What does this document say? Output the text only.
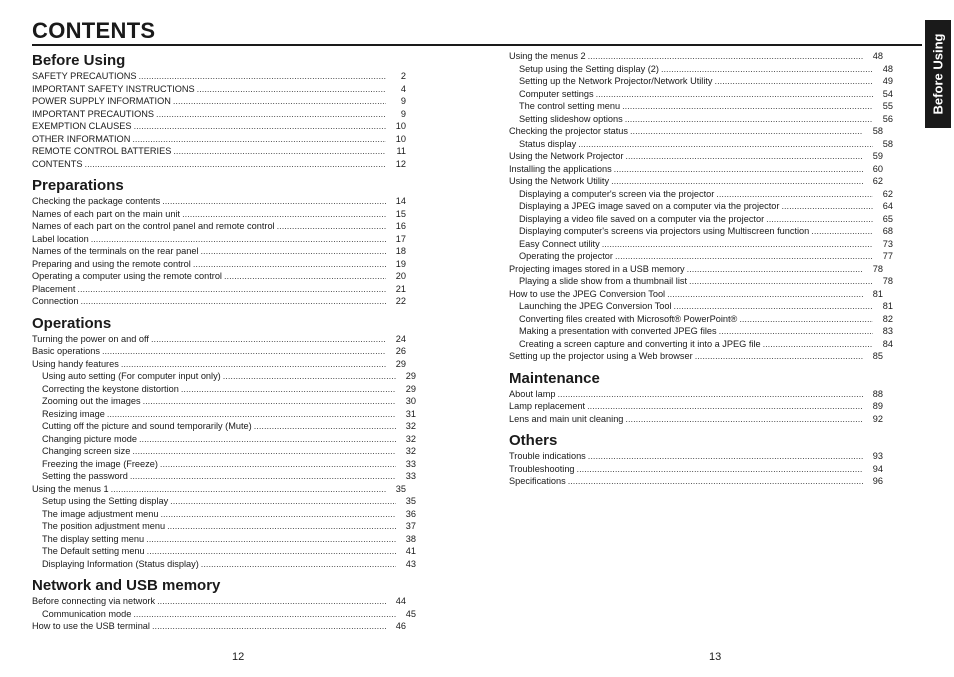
CONTENTS
Before Using
Before Using
SAFETY PRECAUTIONS .....	2
IMPORTANT SAFETY INSTRUCTIONS .....	4
POWER SUPPLY INFORMATION .....	9
IMPORTANT PRECAUTIONS .....	9
EXEMPTION CLAUSES .....	10
OTHER INFORMATION .....	10
REMOTE CONTROL BATTERIES .....	11
CONTENTS .....	12
Preparations
Checking the package contents .....	14
Names of each part on the main unit .....	15
Names of each part on the control panel and remote control .....	16
Label location .....	17
Names of the terminals on the rear panel .....	18
Preparing and using the remote control .....	19
Operating a computer using the remote control .....	20
Placement .....	21
Connection .....	22
Operations
Turning the power on and off .....	24
Basic operations .....	26
Using handy features .....	29
Using auto setting (For computer input only) .....	29
Correcting the keystone distortion .....	29
Zooming out the images .....	30
Resizing image .....	31
Cutting off the picture and sound temporarily (Mute) .....	32
Changing picture mode .....	32
Changing screen size .....	32
Freezing the image (Freeze) .....	33
Setting the password .....	33
Using the menus 1 .....	35
Setup using the Setting display .....	35
The image adjustment menu .....	36
The position adjustment menu .....	37
The display setting menu .....	38
The Default setting menu .....	41
Displaying Information (Status display) .....	43
Network and USB memory
Before connecting via network .....	44
Communication mode .....	45
How to use the USB terminal .....	46
Using the menus 2 .....	48
Setup using the Setting display (2) .....	48
Setting up the Network Projector/Network Utility .....	49
Computer settings .....	54
The control setting menu .....	55
Setting slideshow options .....	56
Checking the projector status .....	58
Status display .....	58
Using the Network Projector .....	59
Installing the applications .....	60
Using the Network Utility .....	62
Displaying a computer's screen via the projector .....	62
Displaying a JPEG image saved on a computer via the projector .....	64
Displaying a video file saved on a computer via the projector .....	65
Displaying computer's screens via projectors using Multiscreen function .....	68
Easy Connect utility .....	73
Operating the projector .....	77
Projecting images stored in a USB memory .....	78
Playing a slide show from a thumbnail list .....	78
How to use the JPEG Conversion Tool .....	81
Launching the JPEG Conversion Tool .....	81
Converting files created with Microsoft® PowerPoint® .....	82
Making a presentation with converted JPEG files .....	83
Creating a screen capture and converting it into a JPEG file .....	84
Setting up the projector using a Web browser .....	85
Maintenance
About lamp .....	88
Lamp replacement .....	89
Lens and main unit cleaning .....	92
Others
Trouble indications .....	93
Troubleshooting .....	94
Specifications .....	96
12	13
